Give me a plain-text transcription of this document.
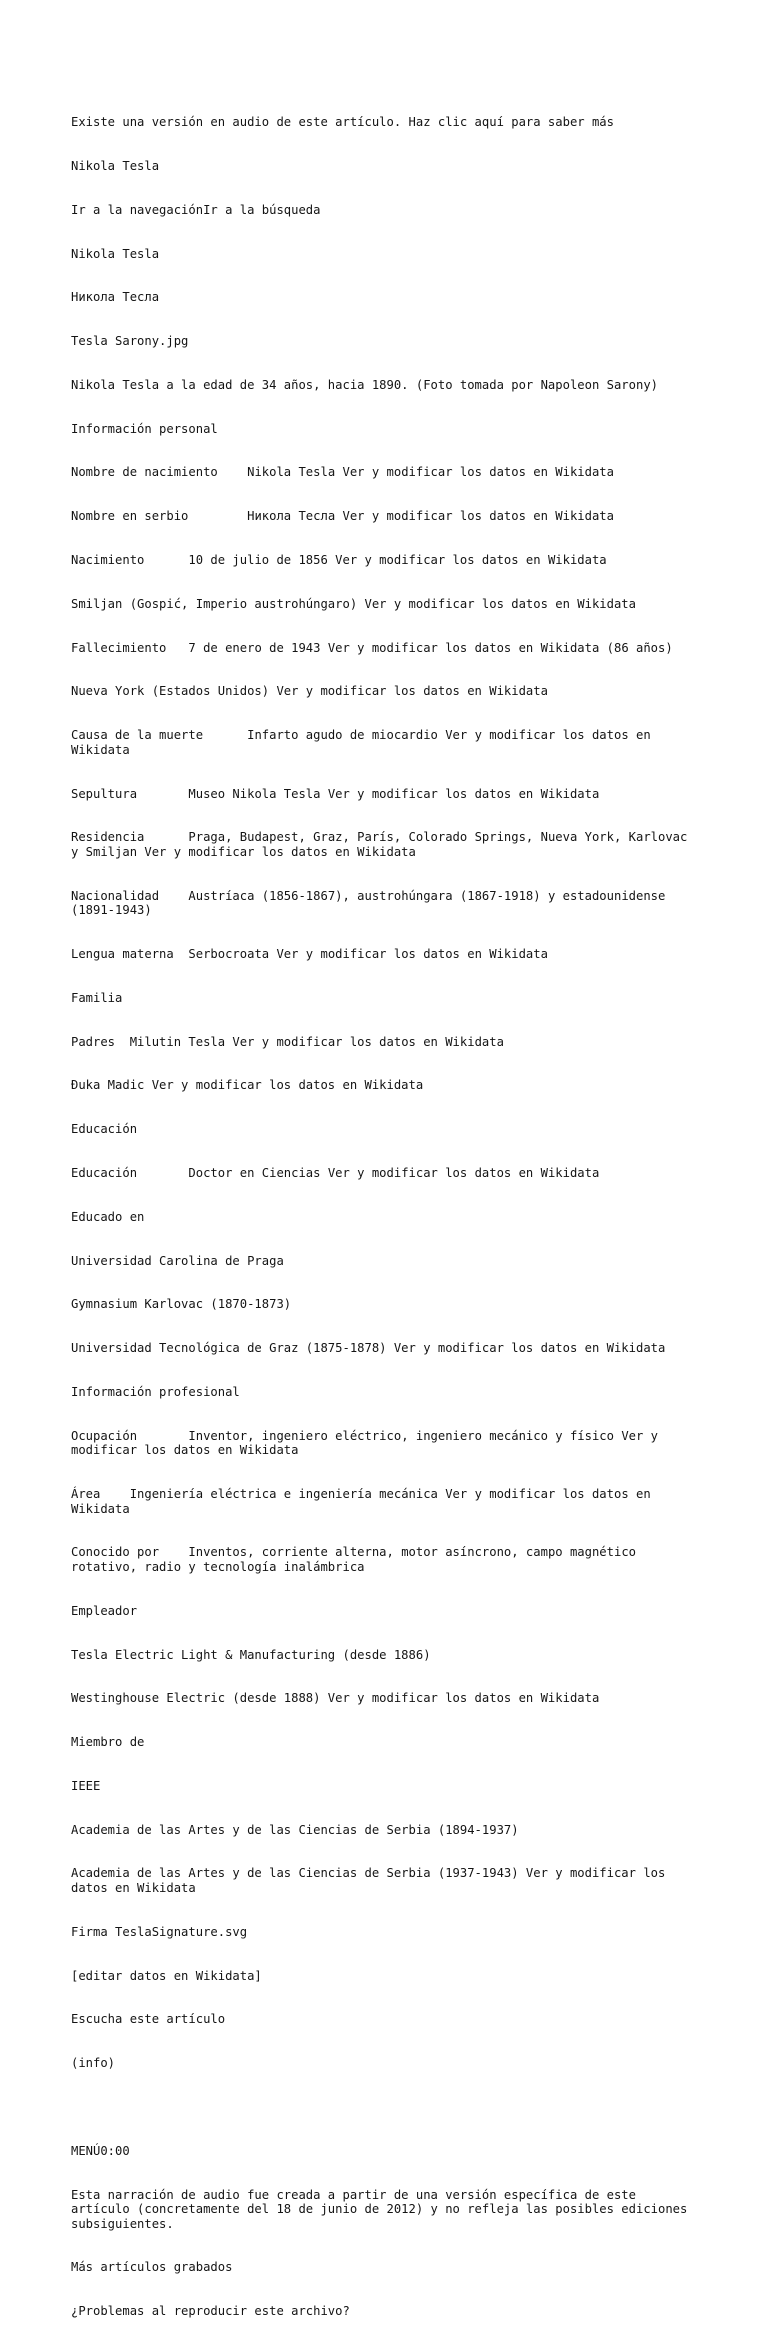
Existe una versión en audio de este artículo. Haz clic aquí para saber más

Nikola Tesla

Ir a la navegaciónIr a la búsqueda

Nikola Tesla

Никола Тесла

Tesla Sarony.jpg

Nikola Tesla a la edad de 34 años, hacia 1890. (Foto tomada por Napoleon Sarony)

Información personal

Nombre de nacimiento	Nikola Tesla Ver y modificar los datos en Wikidata

Nombre en serbio	Никола Тесла Ver y modificar los datos en Wikidata

Nacimiento	10 de julio de 1856 Ver y modificar los datos en Wikidata

Smiljan (Gospić, Imperio austrohúngaro) Ver y modificar los datos en Wikidata

Fallecimiento	7 de enero de 1943 Ver y modificar los datos en Wikidata (86 años)

Nueva York (Estados Unidos) Ver y modificar los datos en Wikidata

Causa de la muerte	Infarto agudo de miocardio Ver y modificar los datos en Wikidata

Sepultura	Museo Nikola Tesla Ver y modificar los datos en Wikidata

Residencia	Praga, Budapest, Graz, París, Colorado Springs, Nueva York, Karlovac y Smiljan Ver y modificar los datos en Wikidata

Nacionalidad	Austríaca (1856-1867), austrohúngara (1867-1918) y estadounidense (1891-1943)

Lengua materna	Serbocroata Ver y modificar los datos en Wikidata

Familia

Padres	Milutin Tesla Ver y modificar los datos en Wikidata

Đuka Madic Ver y modificar los datos en Wikidata

Educación

Educación	Doctor en Ciencias Ver y modificar los datos en Wikidata

Educado en

Universidad Carolina de Praga

Gymnasium Karlovac (1870-1873)

Universidad Tecnológica de Graz (1875-1878) Ver y modificar los datos en Wikidata

Información profesional

Ocupación	Inventor, ingeniero eléctrico, ingeniero mecánico y físico Ver y modificar los datos en Wikidata

Área	Ingeniería eléctrica e ingeniería mecánica Ver y modificar los datos en Wikidata

Conocido por	Inventos, corriente alterna, motor asíncrono, campo magnético rotativo, radio y tecnología inalámbrica

Empleador

Tesla Electric Light & Manufacturing (desde 1886)

Westinghouse Electric (desde 1888) Ver y modificar los datos en Wikidata

Miembro de

IEEE

Academia de las Artes y de las Ciencias de Serbia (1894-1937)

Academia de las Artes y de las Ciencias de Serbia (1937-1943) Ver y modificar los datos en Wikidata

Firma TeslaSignature.svg

[editar datos en Wikidata]

Escucha este artículo

(info)

MENÚ0:00

Esta narración de audio fue creada a partir de una versión específica de este artículo (concretamente del 18 de junio de 2012) y no refleja las posibles ediciones subsiguientes.

Más artículos grabados

¿Problemas al reproducir este archivo?
